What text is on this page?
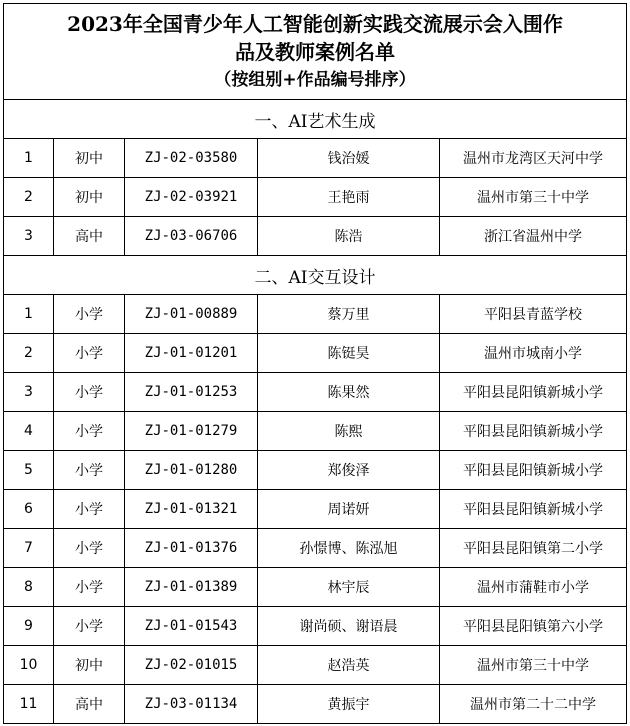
2023年全国青少年人工智能创新实践交流展示会入围作
品及教师案例名单
（按组别+作品编号排序）				

一、AI艺术生成				
1	初中	ZJ-02-03580	钱治媛	温州市龙湾区天河中学
2	初中	ZJ-02-03921	王艳雨	温州市第三十中学
3	高中	ZJ-03-06706	陈浩	浙江省温州中学
二、AI交互设计				
1	小学	ZJ-01-00889	蔡万里	平阳县青蓝学校
2	小学	ZJ-01-01201	陈铤昊	温州市城南小学
3	小学	ZJ-01-01253	陈果然	平阳县昆阳镇新城小学
4	小学	ZJ-01-01279	陈熙	平阳县昆阳镇新城小学
5	小学	ZJ-01-01280	郑俊泽	平阳县昆阳镇新城小学
6	小学	ZJ-01-01321	周诺妍	平阳县昆阳镇新城小学
7	小学	ZJ-01-01376	孙憬博、陈泓旭	平阳县昆阳镇第二小学
8	小学	ZJ-01-01389	林宇辰	温州市蒲鞋市小学
9	小学	ZJ-01-01543	谢尚硕、谢语晨	平阳县昆阳镇第六小学
10	初中	ZJ-02-01015	赵浩英	温州市第三十中学
11	高中	ZJ-03-01134	黄振宇	温州市第二十二中学
